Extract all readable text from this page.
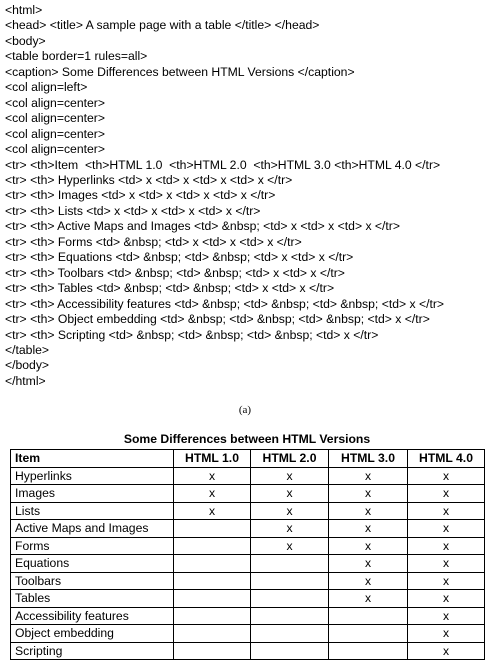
<html>
<head> <title> A sample page with a table </title> </head>
<body>
<table border=1 rules=all>
<caption> Some Differences between HTML Versions </caption>
<col align=left>
<col align=center>
<col align=center>
<col align=center>
<col align=center>
<tr> <th>Item  <th>HTML 1.0  <th>HTML 2.0  <th>HTML 3.0 <th>HTML 4.0 </tr>
<tr> <th> Hyperlinks <td> x <td> x <td> x <td> x </tr>
<tr> <th> Images <td> x <td> x <td> x <td> x </tr>
<tr> <th> Lists <td> x <td> x <td> x <td> x </tr>
<tr> <th> Active Maps and Images <td> &nbsp; <td> x <td> x <td> x </tr>
<tr> <th> Forms <td> &nbsp; <td> x <td> x <td> x </tr>
<tr> <th> Equations <td> &nbsp; <td> &nbsp; <td> x <td> x </tr>
<tr> <th> Toolbars <td> &nbsp; <td> &nbsp; <td> x <td> x </tr>
<tr> <th> Tables <td> &nbsp; <td> &nbsp; <td> x <td> x </tr>
<tr> <th> Accessibility features <td> &nbsp; <td> &nbsp; <td> &nbsp; <td> x </tr>
<tr> <th> Object embedding <td> &nbsp; <td> &nbsp; <td> &nbsp; <td> x </tr>
<tr> <th> Scripting <td> &nbsp; <td> &nbsp; <td> &nbsp; <td> x </tr>
</table>
</body>
</html>
(a)
Some Differences between HTML Versions
Item	HTML 1.0	HTML 2.0	HTML 3.0	HTML 4.0
Hyperlinks	x	x	x	x
Images	x	x	x	x
Lists	x	x	x	x
Active Maps and Images		x	x	x
Forms		x	x	x
Equations			x	x
Toolbars			x	x
Tables			x	x
Accessibility features				x
Object embedding				x
Scripting				x
